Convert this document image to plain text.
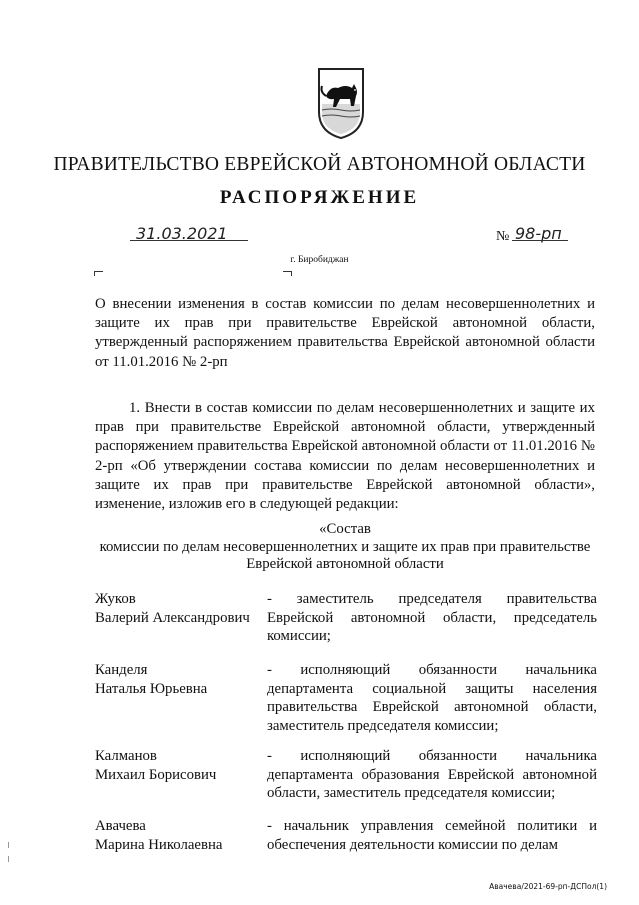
ПРАВИТЕЛЬСТВО ЕВРЕЙСКОЙ АВТОНОМНОЙ ОБЛАСТИ
РАСПОРЯЖЕНИЕ
31.03.2021	№ 98-рп
г. Биробиджан
О внесении изменения в состав комиссии по делам несовершеннолетних и защите их прав при правительстве Еврейской автономной области, утвержденный распоряжением правительства Еврейской автономной области от 11.01.2016 № 2-рп
1. Внести в состав комиссии по делам несовершеннолетних и защите их прав при правительстве Еврейской автономной области, утвержденный распоряжением правительства Еврейской автономной области от 11.01.2016 № 2-рп «Об утверждении состава комиссии по делам несовершеннолетних и защите их прав при правительстве Еврейской автономной области», изменение, изложив его в следующей редакции:
«Состав
комиссии по делам несовершеннолетних и защите их прав при правительстве
Еврейской автономной области
Жуков
Валерий Александрович
- заместитель председателя правительства Еврейской автономной области, председатель комиссии;
Канделя
Наталья Юрьевна
- исполняющий обязанности начальника департамента социальной защиты населения правительства Еврейской автономной области, заместитель председателя комиссии;
Калманов
Михаил Борисович
- исполняющий обязанности начальника департамента образования Еврейской автономной области, заместитель председателя комиссии;
Авачева
Марина Николаевна
- начальник управления семейной политики и обеспечения деятельности комиссии по делам
Авачева/2021-69-рп-ДСПол(1)
